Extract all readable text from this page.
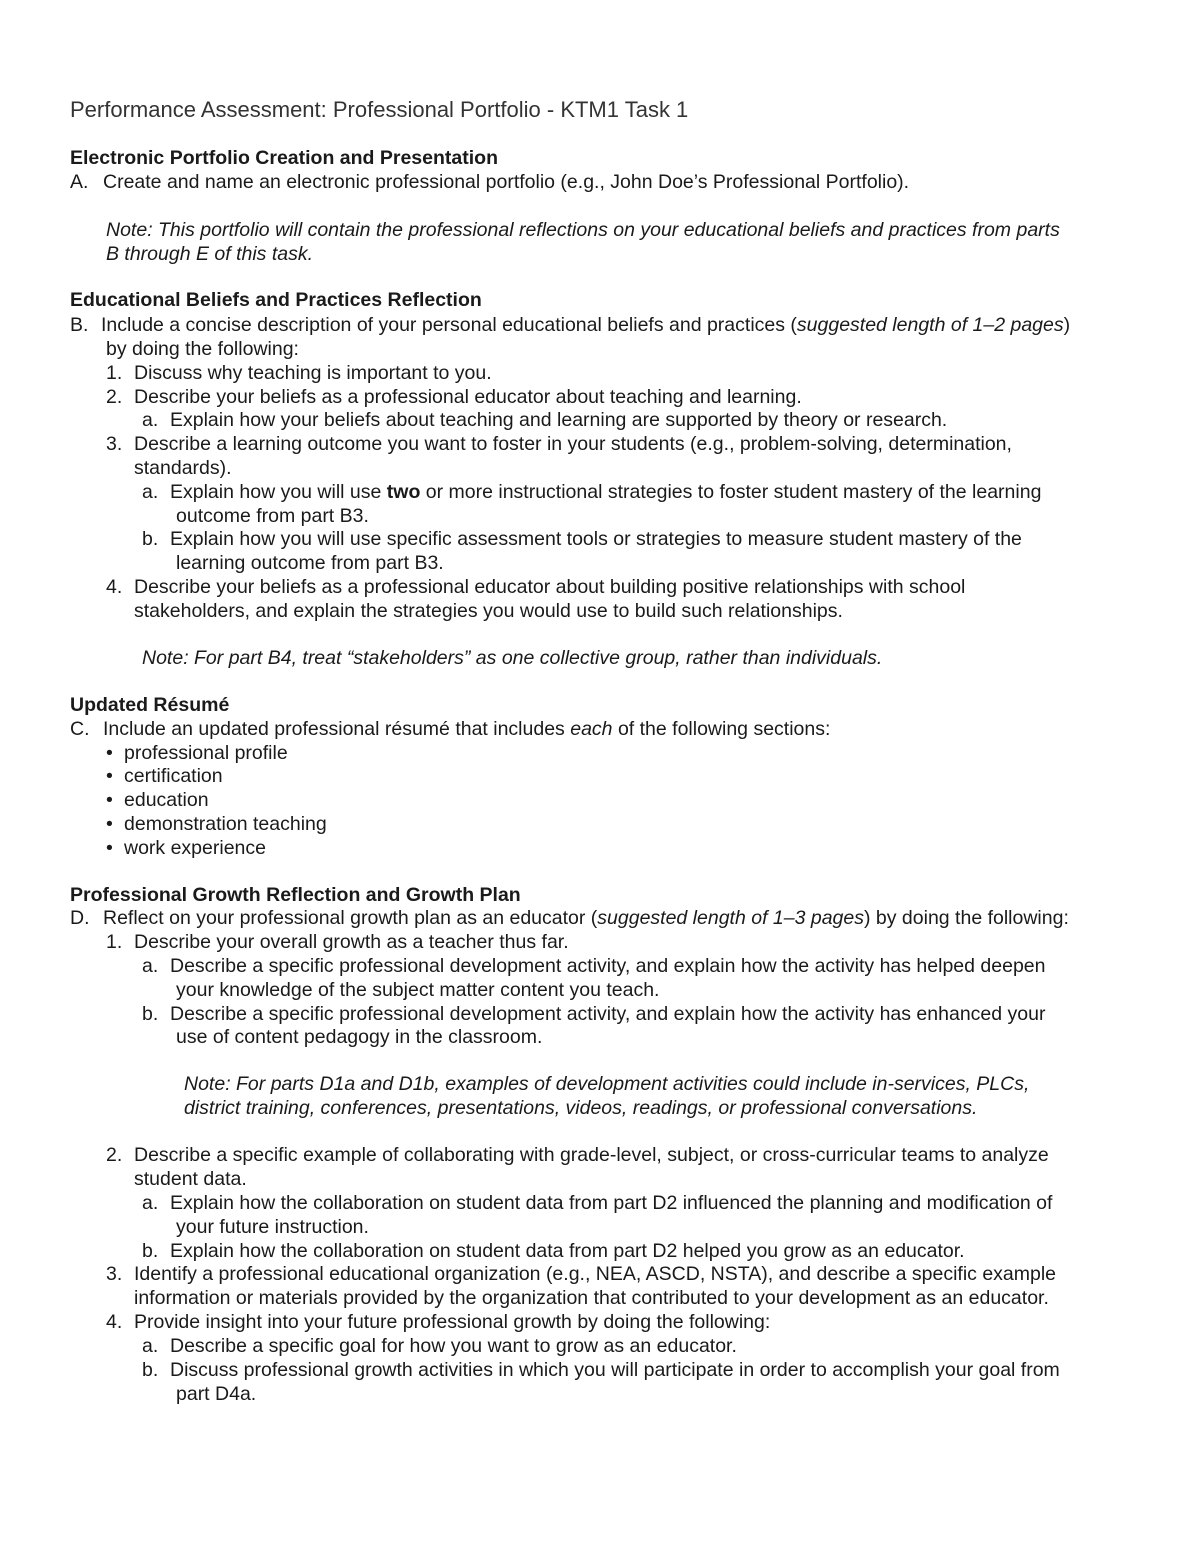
Performance Assessment: Professional Portfolio - KTM1 Task 1
Electronic Portfolio Creation and Presentation
A. Create and name an electronic professional portfolio (e.g., John Doe’s Professional Portfolio).
Note: This portfolio will contain the professional reflections on your educational beliefs and practices from parts
B through E of this task.
Educational Beliefs and Practices Reflection
B. Include a concise description of your personal educational beliefs and practices (suggested length of 1–2 pages)
by doing the following:
1. Discuss why teaching is important to you.
2. Describe your beliefs as a professional educator about teaching and learning.
a. Explain how your beliefs about teaching and learning are supported by theory or research.
3. Describe a learning outcome you want to foster in your students (e.g., problem-solving, determination,
standards).
a. Explain how you will use two or more instructional strategies to foster student mastery of the learning
outcome from part B3.
b. Explain how you will use specific assessment tools or strategies to measure student mastery of the
learning outcome from part B3.
4. Describe your beliefs as a professional educator about building positive relationships with school
stakeholders, and explain the strategies you would use to build such relationships.
Note: For part B4, treat “stakeholders” as one collective group, rather than individuals.
Updated Résumé
C. Include an updated professional résumé that includes each of the following sections:
• professional profile
• certification
• education
• demonstration teaching
• work experience
Professional Growth Reflection and Growth Plan
D. Reflect on your professional growth plan as an educator (suggested length of 1–3 pages) by doing the following:
1. Describe your overall growth as a teacher thus far.
a. Describe a specific professional development activity, and explain how the activity has helped deepen
your knowledge of the subject matter content you teach.
b. Describe a specific professional development activity, and explain how the activity has enhanced your
use of content pedagogy in the classroom.
Note: For parts D1a and D1b, examples of development activities could include in-services, PLCs,
district training, conferences, presentations, videos, readings, or professional conversations.
2. Describe a specific example of collaborating with grade-level, subject, or cross-curricular teams to analyze
student data.
a. Explain how the collaboration on student data from part D2 influenced the planning and modification of
your future instruction.
b. Explain how the collaboration on student data from part D2 helped you grow as an educator.
3. Identify a professional educational organization (e.g., NEA, ASCD, NSTA), and describe a specific example
information or materials provided by the organization that contributed to your development as an educator.
4. Provide insight into your future professional growth by doing the following:
a. Describe a specific goal for how you want to grow as an educator.
b. Discuss professional growth activities in which you will participate in order to accomplish your goal from
part D4a.
